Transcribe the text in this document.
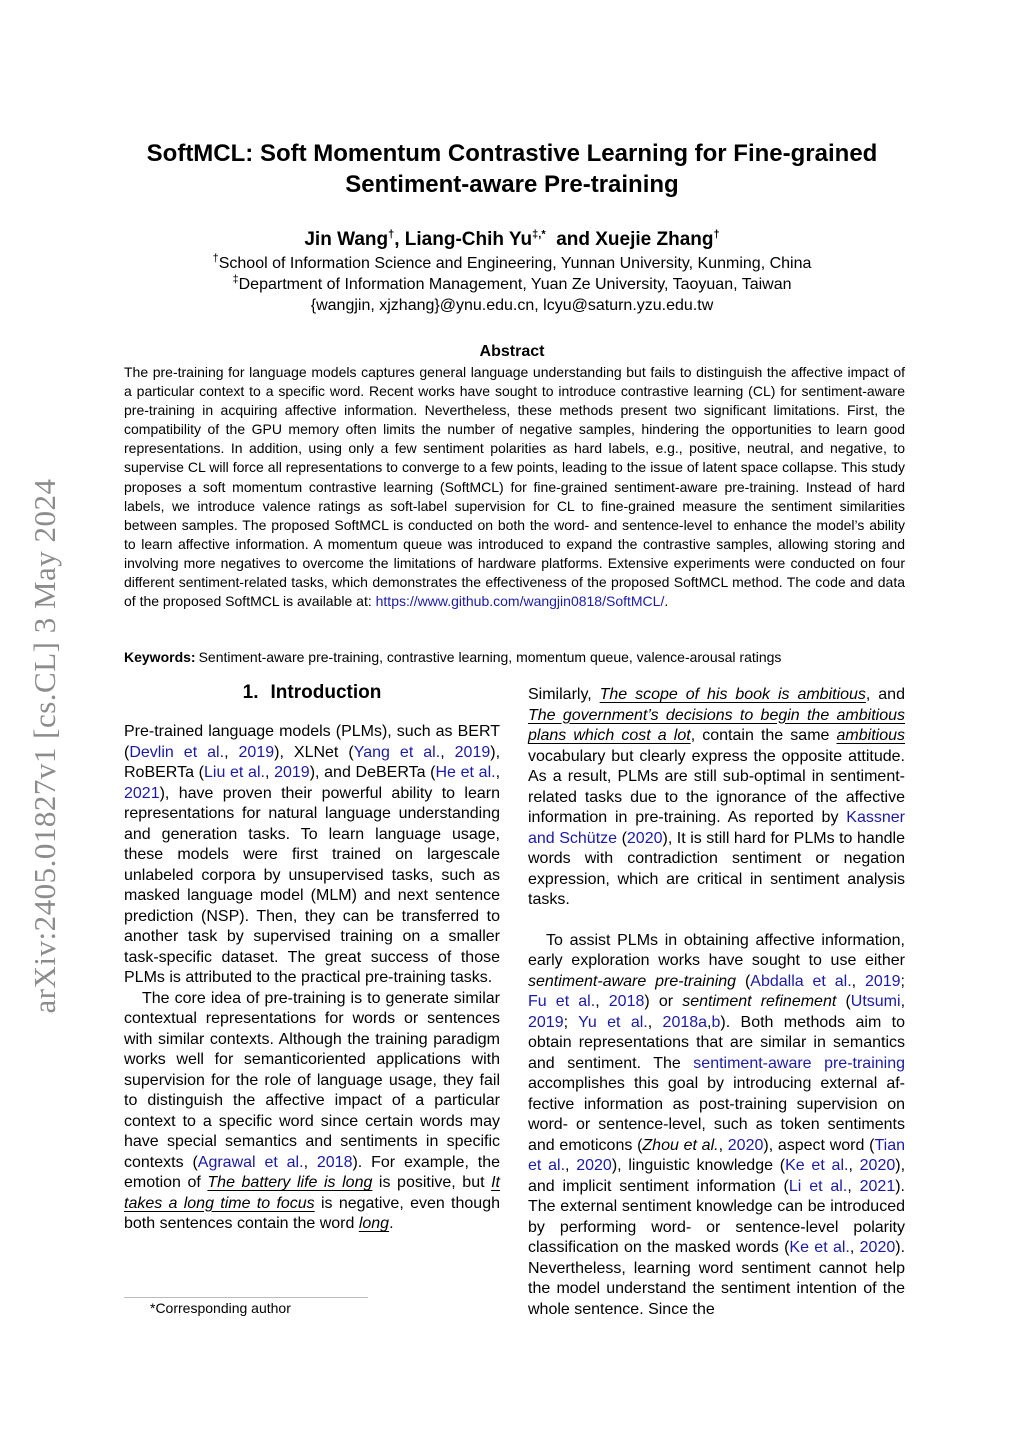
arXiv:2405.01827v1 [cs.CL] 3 May 2024
SoftMCL: Soft Momentum Contrastive Learning for Fine-grained
Sentiment-aware Pre-training
Jin Wang†, Liang-Chih Yu‡,*  and Xuejie Zhang†
†School of Information Science and Engineering, Yunnan University, Kunming, China
‡Department of Information Management, Yuan Ze University, Taoyuan, Taiwan
{wangjin, xjzhang}@ynu.edu.cn, lcyu@saturn.yzu.edu.tw
Abstract
The pre-training for language models captures general language understanding but fails to distinguish the affective impact of a particular context to a specific word. Recent works have sought to introduce contrastive learning (CL) for sentiment-aware pre-training in acquiring affective information. Nevertheless, these methods present two significant limitations. First, the compatibility of the GPU memory often limits the number of negative samples, hindering the opportunities to learn good representations. In addition, using only a few sentiment polarities as hard labels, e.g., positive, neutral, and negative, to supervise CL will force all representations to converge to a few points, leading to the issue of latent space collapse. This study proposes a soft momentum contrastive learning (SoftMCL) for fine-grained sentiment-aware pre-training. Instead of hard labels, we introduce valence ratings as soft-label supervision for CL to fine-grained measure the sentiment similarities between samples. The proposed SoftMCL is conducted on both the word- and sentence-level to enhance the model’s ability to learn affective information. A momentum queue was introduced to expand the contrastive samples, allowing storing and involving more negatives to overcome the limitations of hardware platforms. Extensive experiments were conducted on four different sentiment-related tasks, which demonstrates the effectiveness of the proposed SoftMCL method. The code and data of the proposed SoftMCL is available at: https://www.github.com/wangjin0818/SoftMCL/.
Keywords: Sentiment-aware pre-training, contrastive learning, momentum queue, valence-arousal ratings
1. Introduction

Pre-trained language models (PLMs), such as BERT (Devlin et al., 2019), XLNet (Yang et al., 2019), RoBERTa (Liu et al., 2019), and DeBERTa (He et al., 2021), have proven their powerful ability to learn representations for natural language understanding and generation tasks. To learn language usage, these models were first trained on largescale unlabeled corpora by unsupervised tasks, such as masked language model (MLM) and next sentence prediction (NSP). Then, they can be transferred to another task by supervised training on a smaller task-specific dataset. The great success of those PLMs is attributed to the practical pre-training tasks.

The core idea of pre-training is to generate similar contextual representations for words or sentences with similar contexts. Although the training paradigm works well for semanticoriented applications with supervision for the role of language usage, they fail to distinguish the affective impact of a particular context to a specific word since certain words may have special semantics and sentiments in specific contexts (Agrawal et al., 2018). For example, the emotion of The battery life is long is positive, but It takes a long time to focus is negative, even though both sentences contain the word long.

Similarly, The scope of his book is ambitious, and The government’s decisions to begin the ambitious plans which cost a lot, contain the same ambitious vocabulary but clearly express the opposite attitude. As a result, PLMs are still sub-optimal in sentiment-related tasks due to the ignorance of the affective information in pre-training. As reported by Kassner and Schütze (2020), It is still hard for PLMs to handle words with contradiction sentiment or negation expression, which are critical in sentiment analysis tasks.

To assist PLMs in obtaining affective information, early exploration works have sought to use either sentiment-aware pre-training (Abdalla et al., 2019; Fu et al., 2018) or sentiment refinement (Utsumi, 2019; Yu et al., 2018a,b). Both methods aim to obtain representations that are similar in semantics and sentiment. The sentiment-aware pre-training accomplishes this goal by introducing external affective information as post-training supervision on word- or sentence-level, such as token sentiments and emoticons (Zhou et al., 2020), aspect word (Tian et al., 2020), linguistic knowledge (Ke et al., 2020), and implicit sentiment information (Li et al., 2021). The external sentiment knowledge can be introduced by performing word- or sentence-level polarity classification on the masked words (Ke et al., 2020). Nevertheless, learning word sentiment cannot help the model understand the sentiment intention of the whole sentence. Since the

*Corresponding author
